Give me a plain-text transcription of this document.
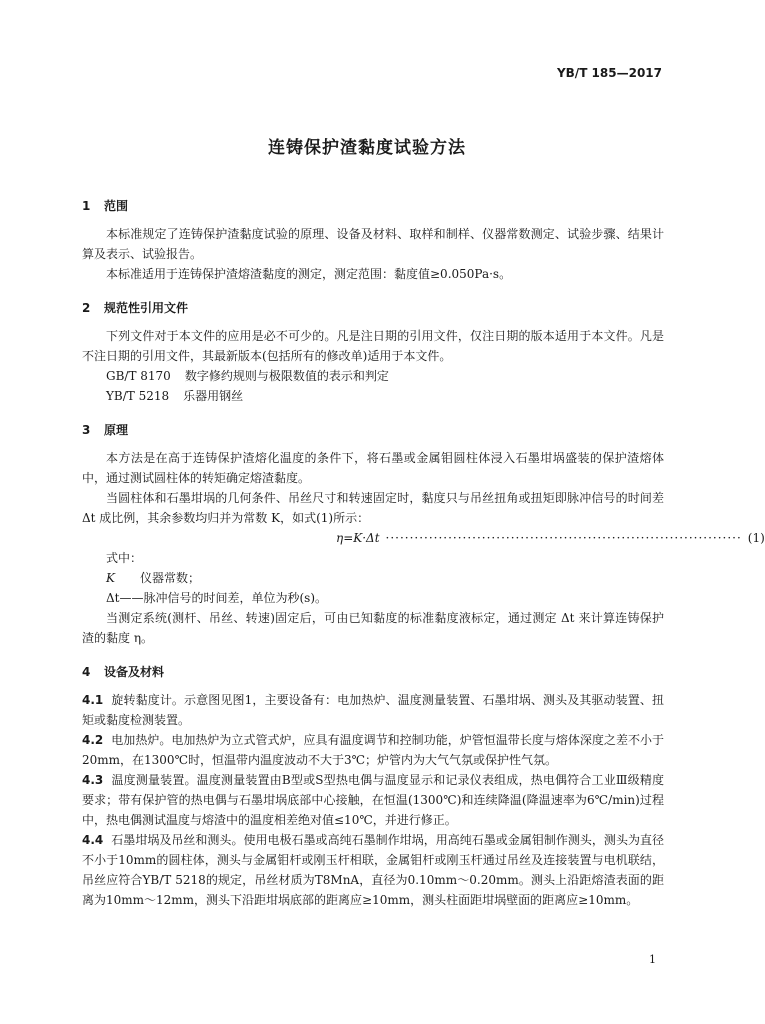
YB/T 185—2017
连铸保护渣黏度试验方法
1 范围

本标准规定了连铸保护渣黏度试验的原理、设备及材料、取样和制样、仪器常数测定、试验步骤、结果计算及表示、试验报告。

本标准适用于连铸保护渣熔渣黏度的测定，测定范围：黏度值≥0.050Pa·s。

2 规范性引用文件

下列文件对于本文件的应用是必不可少的。凡是注日期的引用文件，仅注日期的版本适用于本文件。凡是不注日期的引用文件，其最新版本(包括所有的修改单)适用于本文件。

GB/T 8170 数字修约规则与极限数值的表示和判定
YB/T 5218 乐器用钢丝
3 原理

本方法是在高于连铸保护渣熔化温度的条件下，将石墨或金属钼圆柱体浸入石墨坩埚盛装的保护渣熔体中，通过测试圆柱体的转矩确定熔渣黏度。

当圆柱体和石墨坩埚的几何条件、吊丝尺寸和转速固定时，黏度只与吊丝扭角或扭矩即脉冲信号的时间差 Δt 成比例，其余参数均归并为常数 K，如式(1)所示：

η=K·Δt ·········································································· (1)

式中：

K 仪器常数；
Δt——脉冲信号的时间差，单位为秒(s)。

当测定系统(测杆、吊丝、转速)固定后，可由已知黏度的标准黏度液标定，通过测定 Δt 来计算连铸保护渣的黏度 η。

4 设备及材料

4.1 旋转黏度计。示意图见图1，主要设备有：电加热炉、温度测量装置、石墨坩埚、测头及其驱动装置、扭矩或黏度检测装置。

4.2 电加热炉。电加热炉为立式管式炉，应具有温度调节和控制功能，炉管恒温带长度与熔体深度之差不小于20mm，在1300℃时，恒温带内温度波动不大于3℃；炉管内为大气气氛或保护性气氛。

4.3 温度测量装置。温度测量装置由B型或S型热电偶与温度显示和记录仪表组成，热电偶符合工业Ⅲ级精度要求；带有保护管的热电偶与石墨坩埚底部中心接触，在恒温(1300℃)和连续降温(降温速率为6℃/min)过程中，热电偶测试温度与熔渣中的温度相差绝对值≤10℃，并进行修正。

4.4 石墨坩埚及吊丝和测头。使用电极石墨或高纯石墨制作坩埚，用高纯石墨或金属钼制作测头，测头为直径不小于10mm的圆柱体，测头与金属钼杆或刚玉杆相联，金属钼杆或刚玉杆通过吊丝及连接装置与电机联结，吊丝应符合YB/T 5218的规定，吊丝材质为T8MnA，直径为0.10mm～0.20mm。测头上沿距熔渣表面的距离为10mm～12mm，测头下沿距坩埚底部的距离应≥10mm，测头柱面距坩埚壁面的距离应≥10mm。

1
